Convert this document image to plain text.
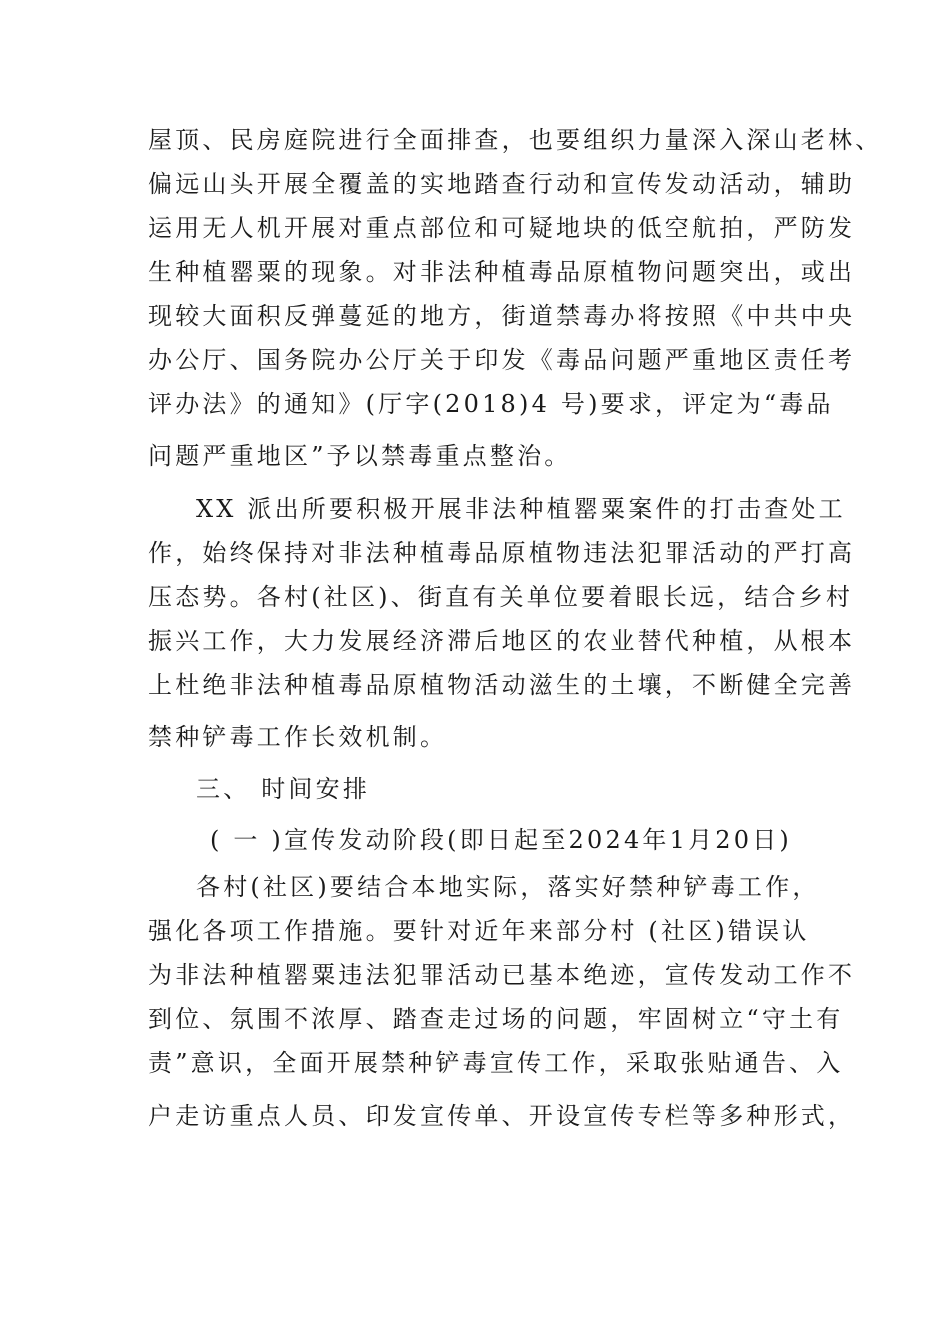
屋顶、民房庭院进行全面排查，也要组织力量深入深山老林、
偏远山头开展全覆盖的实地踏查行动和宣传发动活动，辅助
运用无人机开展对重点部位和可疑地块的低空航拍，严防发
生种植罂粟的现象。对非法种植毒品原植物问题突出，或出
现较大面积反弹蔓延的地方，街道禁毒办将按照《中共中央
办公厅、国务院办公厅关于印发《毒品问题严重地区责任考
评办法》的通知》(厅字(2018)4 号)要求，评定为“毒品
问题严重地区”予以禁毒重点整治。
XX 派出所要积极开展非法种植罂粟案件的打击查处工
作，始终保持对非法种植毒品原植物违法犯罪活动的严打高
压态势。各村(社区)、街直有关单位要着眼长远，结合乡村
振兴工作，大力发展经济滞后地区的农业替代种植，从根本
上杜绝非法种植毒品原植物活动滋生的土壤，不断健全完善
禁种铲毒工作长效机制。
三、 时间安排
( 一 )宣传发动阶段(即日起至2024年1月20日)
各村(社区)要结合本地实际，落实好禁种铲毒工作，
强化各项工作措施。要针对近年来部分村 (社区)错误认
为非法种植罂粟违法犯罪活动已基本绝迹，宣传发动工作不
到位、氛围不浓厚、踏查走过场的问题，牢固树立“守土有
责”意识，全面开展禁种铲毒宣传工作，采取张贴通告、入
户走访重点人员、印发宣传单、开设宣传专栏等多种形式，
